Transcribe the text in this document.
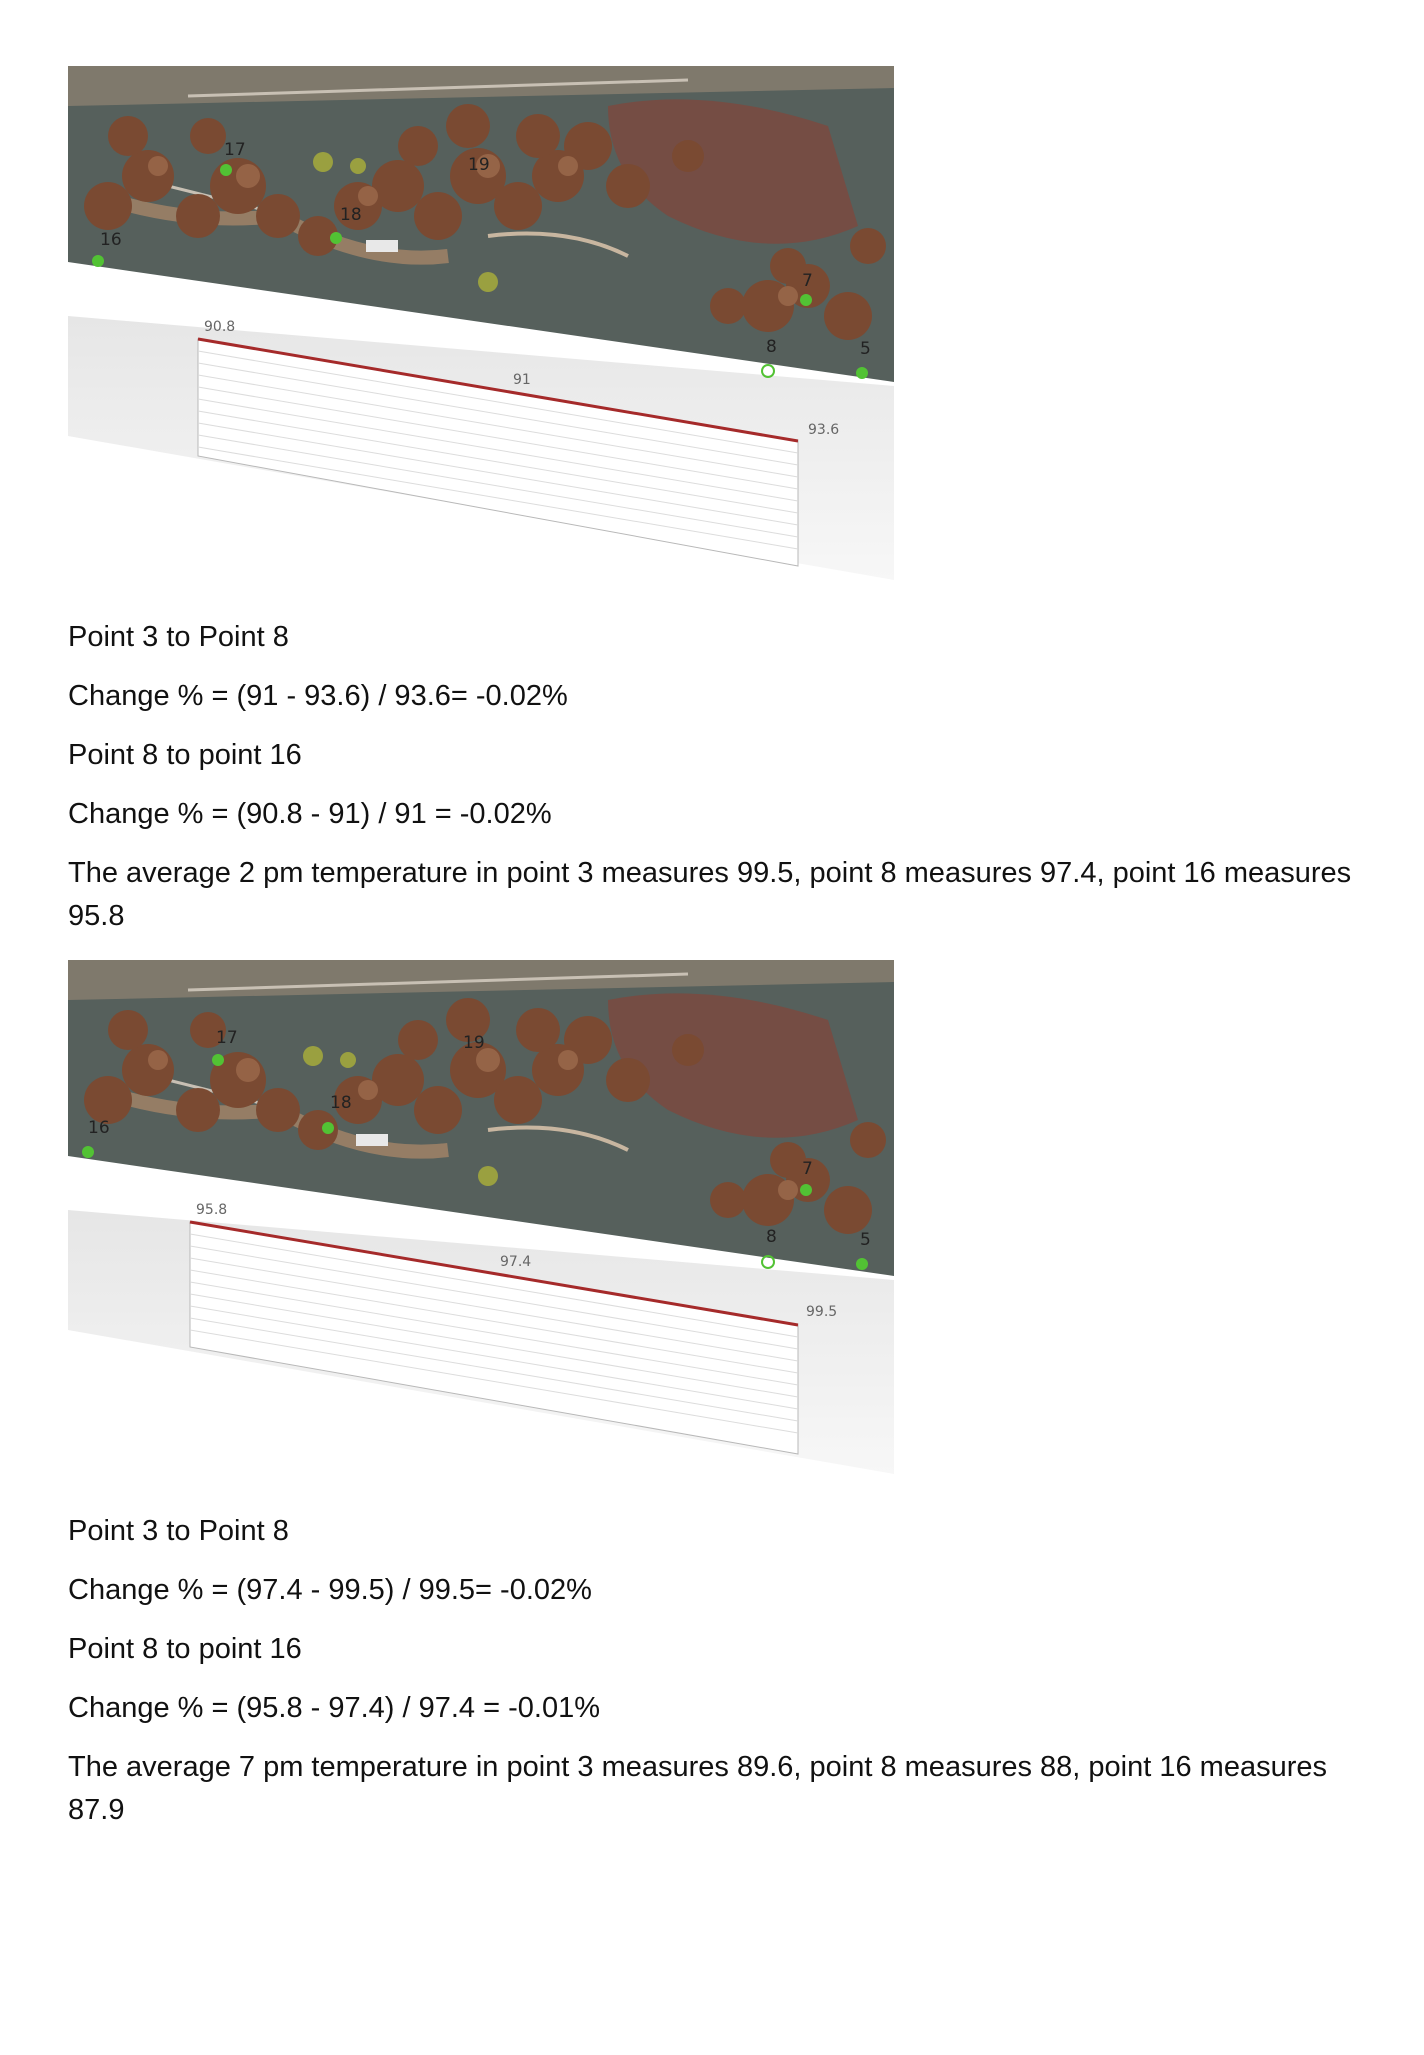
17
19
18
16
7
8	5
90.8
91
93.6

Point 3 to Point 8

Change % = (91 - 93.6) / 93.6= -0.02%

Point 8 to point 16

Change % = (90.8 - 91) / 91 = -0.02%

The average 2 pm temperature in point 3 measures 99.5, point 8 measures 97.4, point 16 measures 95.8

17	19
18
16
7
8	5
95.8
97.4
99.5

Point 3 to Point 8

Change % = (97.4 - 99.5) / 99.5= -0.02%

Point 8 to point 16

Change % = (95.8 - 97.4) / 97.4 = -0.01%

The average 7 pm temperature in point 3 measures 89.6, point 8 measures 88, point 16 measures 87.9
